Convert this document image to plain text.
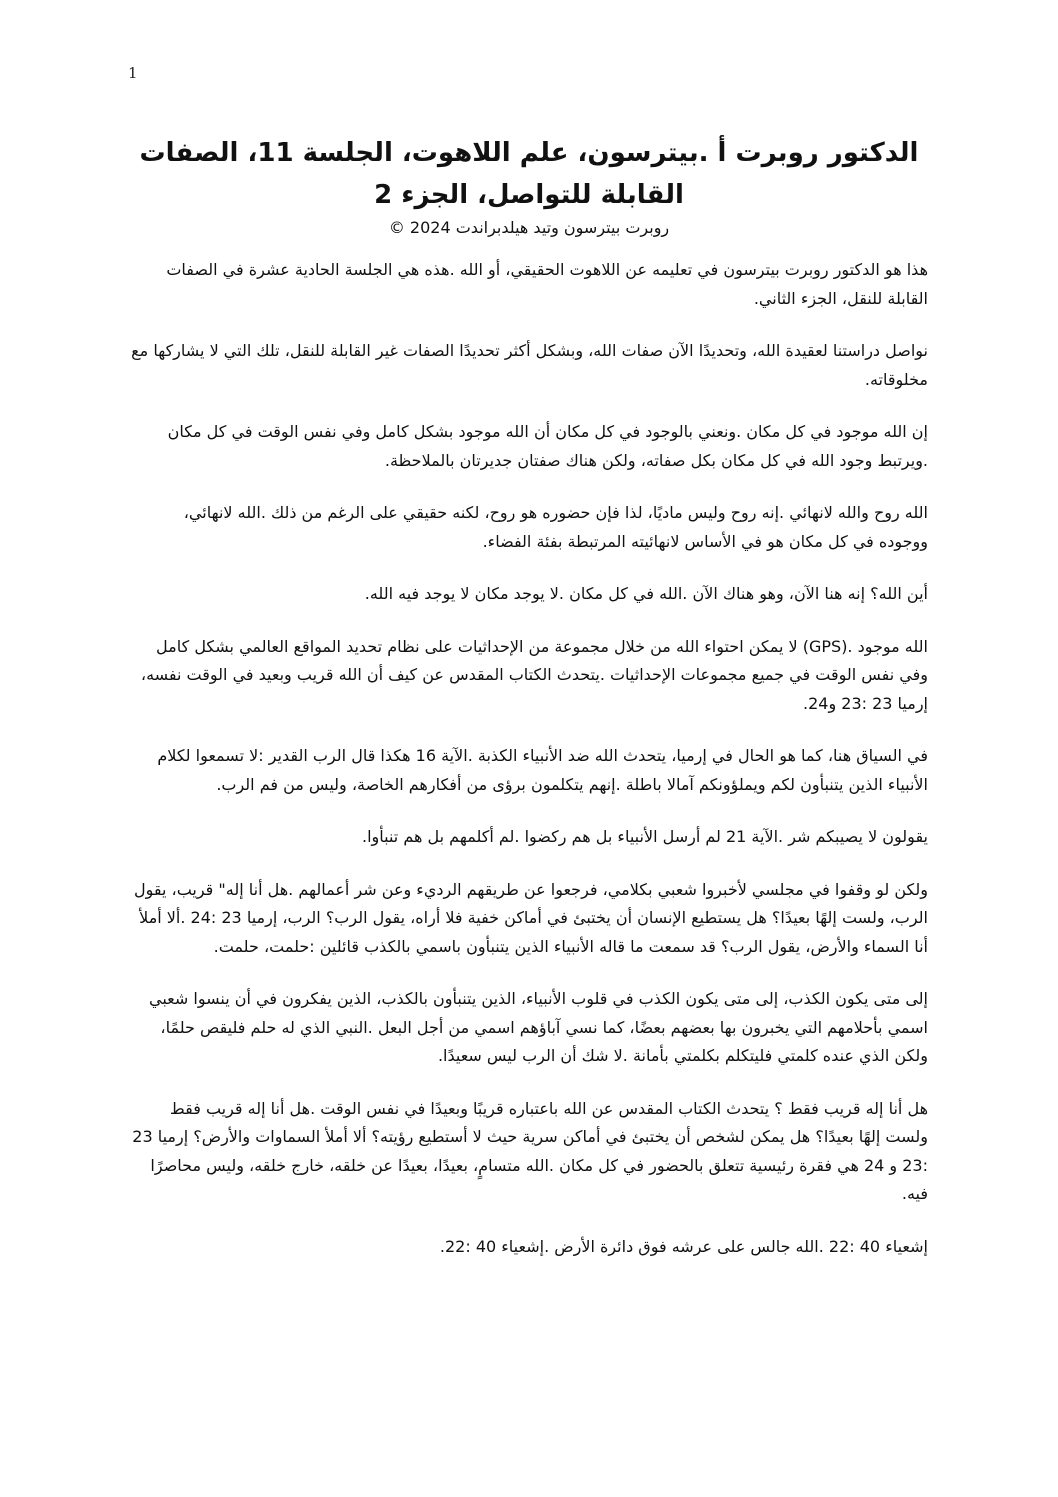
1
الدكتور روبرت أ .بيترسون، علم اللاهوت، الجلسة 11، الصفات
القابلة للتواصل، الجزء 2
روبرت بيترسون وتيد هيلدبراندت 2024 ©

هذا هو الدكتور روبرت بيترسون في تعليمه عن اللاهوت الحقيقي، أو الله .هذه هي الجلسة الحادية عشرة في الصفات القابلة للنقل، الجزء الثاني.

نواصل دراستنا لعقيدة الله، وتحديدًا الآن صفات الله، وبشكل أكثر تحديدًا الصفات غير القابلة للنقل، تلك التي لا يشاركها مع مخلوقاته.

إن الله موجود في كل مكان .ونعني بالوجود في كل مكان أن الله موجود بشكل كامل وفي نفس الوقت في كل مكان .ويرتبط وجود الله في كل مكان بكل صفاته، ولكن هناك صفتان جديرتان بالملاحظة.

الله روح والله لانهائي .إنه روح وليس ماديًا، لذا فإن حضوره هو روح، لكنه حقيقي على الرغم من ذلك .الله لانهائي، ووجوده في كل مكان هو في الأساس لانهائيته المرتبطة بفئة الفضاء.

أين الله؟ إنه هنا الآن، وهو هناك الآن .الله في كل مكان .لا يوجد مكان لا يوجد فيه الله.

الله موجود .(GPS) لا يمكن احتواء الله من خلال مجموعة من الإحداثيات على نظام تحديد المواقع العالمي بشكل كامل وفي نفس الوقت في جميع مجموعات الإحداثيات .يتحدث الكتاب المقدس عن كيف أن الله قريب وبعيد في الوقت نفسه، إرميا 23 :23 و24.

في السياق هنا، كما هو الحال في إرميا، يتحدث الله ضد الأنبياء الكذبة .الآية 16 هكذا قال الرب القدير :لا تسمعوا لكلام الأنبياء الذين يتنبأون لكم ويملؤونكم آمالا باطلة .إنهم يتكلمون برؤى من أفكارهم الخاصة، وليس من فم الرب.

يقولون لا يصيبكم شر .الآية 21 لم أرسل الأنبياء بل هم ركضوا .لم أكلمهم بل هم تنبأوا.

ولكن لو وقفوا في مجلسي لأخبروا شعبي بكلامي، فرجعوا عن طريقهم الرديء وعن شر أعمالهم .هل أنا إله" قريب، يقول الرب، ولست إلهًا بعيدًا؟ هل يستطيع الإنسان أن يختبئ في أماكن خفية فلا أراه، يقول الرب؟ الرب، إرميا 23 :24 .ألا أملأ أنا السماء والأرض، يقول الرب؟ قد سمعت ما قاله الأنبياء الذين يتنبأون باسمي بالكذب قائلين :حلمت، حلمت.

إلى متى يكون الكذب، إلى متى يكون الكذب في قلوب الأنبياء، الذين يتنبأون بالكذب، الذين يفكرون في أن ينسوا شعبي اسمي بأحلامهم التي يخبرون بها بعضهم بعضًا، كما نسي آباؤهم اسمي من أجل البعل .النبي الذي له حلم فليقص حلمًا، ولكن الذي عنده كلمتي فليتكلم بكلمتي بأمانة .لا شك أن الرب ليس سعيدًا.

هل أنا إله قريب فقط ؟ يتحدث الكتاب المقدس عن الله باعتباره قريبًا وبعيدًا في نفس الوقت .هل أنا إله قريب فقط ولست إلهًا بعيدًا؟ هل يمكن لشخص أن يختبئ في أماكن سرية حيث لا أستطيع رؤيته؟ ألا أملأ السماوات والأرض؟ إرميا 23 :23 و 24 هي فقرة رئيسية تتعلق بالحضور في كل مكان .الله متسامٍ، بعيدًا، بعيدًا عن خلقه، خارج خلقه، وليس محاصرًا فيه.

إشعياء 40 :22 .الله جالس على عرشه فوق دائرة الأرض .إشعياء 40 :22.
